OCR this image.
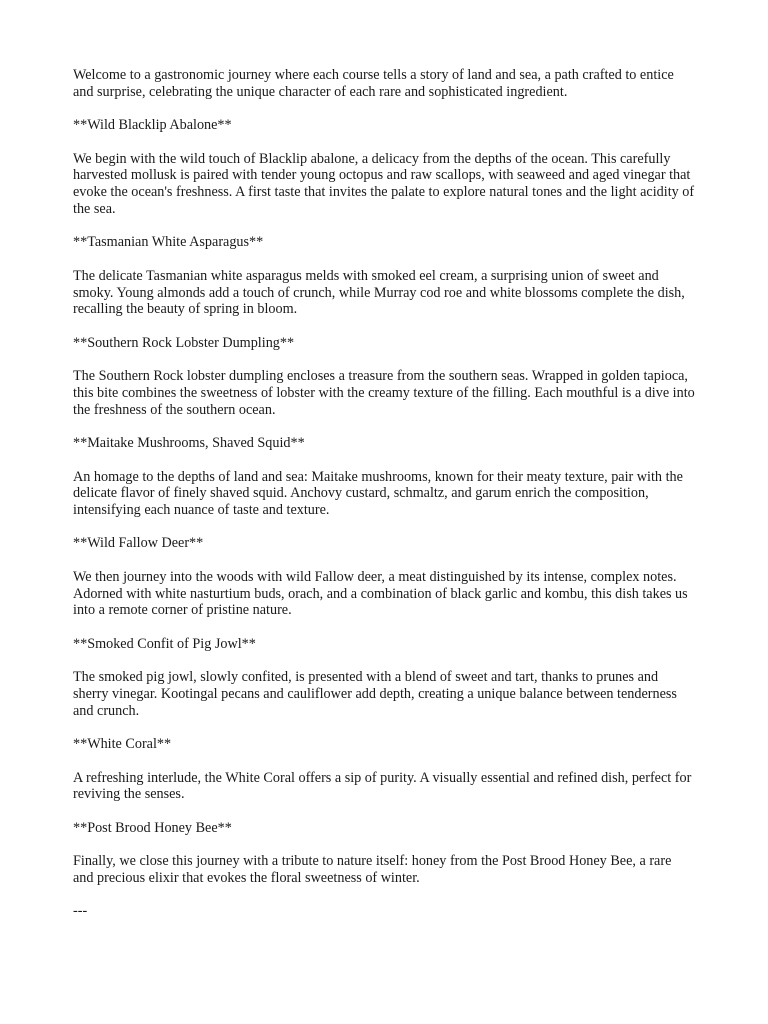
Welcome to a gastronomic journey where each course tells a story of land and sea, a path crafted to entice and surprise, celebrating the unique character of each rare and sophisticated ingredient.

**Wild Blacklip Abalone**

We begin with the wild touch of Blacklip abalone, a delicacy from the depths of the ocean. This carefully harvested mollusk is paired with tender young octopus and raw scallops, with seaweed and aged vinegar that evoke the ocean's freshness. A first taste that invites the palate to explore natural tones and the light acidity of the sea.

**Tasmanian White Asparagus**

The delicate Tasmanian white asparagus melds with smoked eel cream, a surprising union of sweet and smoky. Young almonds add a touch of crunch, while Murray cod roe and white blossoms complete the dish, recalling the beauty of spring in bloom.

**Southern Rock Lobster Dumpling**

The Southern Rock lobster dumpling encloses a treasure from the southern seas. Wrapped in golden tapioca, this bite combines the sweetness of lobster with the creamy texture of the filling. Each mouthful is a dive into the freshness of the southern ocean.

**Maitake Mushrooms, Shaved Squid**

An homage to the depths of land and sea: Maitake mushrooms, known for their meaty texture, pair with the delicate flavor of finely shaved squid. Anchovy custard, schmaltz, and garum enrich the composition, intensifying each nuance of taste and texture.

**Wild Fallow Deer**

We then journey into the woods with wild Fallow deer, a meat distinguished by its intense, complex notes. Adorned with white nasturtium buds, orach, and a combination of black garlic and kombu, this dish takes us into a remote corner of pristine nature.

**Smoked Confit of Pig Jowl**

The smoked pig jowl, slowly confited, is presented with a blend of sweet and tart, thanks to prunes and sherry vinegar. Kootingal pecans and cauliflower add depth, creating a unique balance between tenderness and crunch.

**White Coral**

A refreshing interlude, the White Coral offers a sip of purity. A visually essential and refined dish, perfect for reviving the senses.

**Post Brood Honey Bee**

Finally, we close this journey with a tribute to nature itself: honey from the Post Brood Honey Bee, a rare and precious elixir that evokes the floral sweetness of winter.

---
